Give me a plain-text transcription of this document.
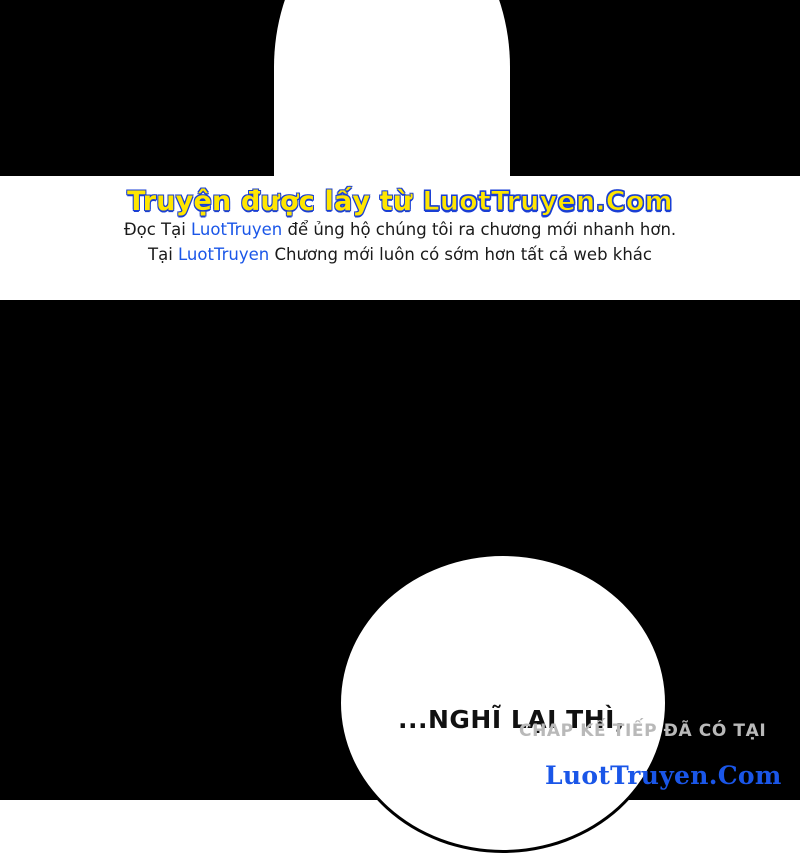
Truyện được lấy từ LuotTruyen.Com
Đọc Tại LuotTruyen để ủng hộ chúng tôi ra chương mới nhanh hơn.
Tại LuotTruyen Chương mới luôn có sớm hơn tất cả web khác
...NGHĨ LẠI THÌ,
CHAP KẾ TIẾP ĐÃ CÓ TẠI
LuotTruyen.Com
